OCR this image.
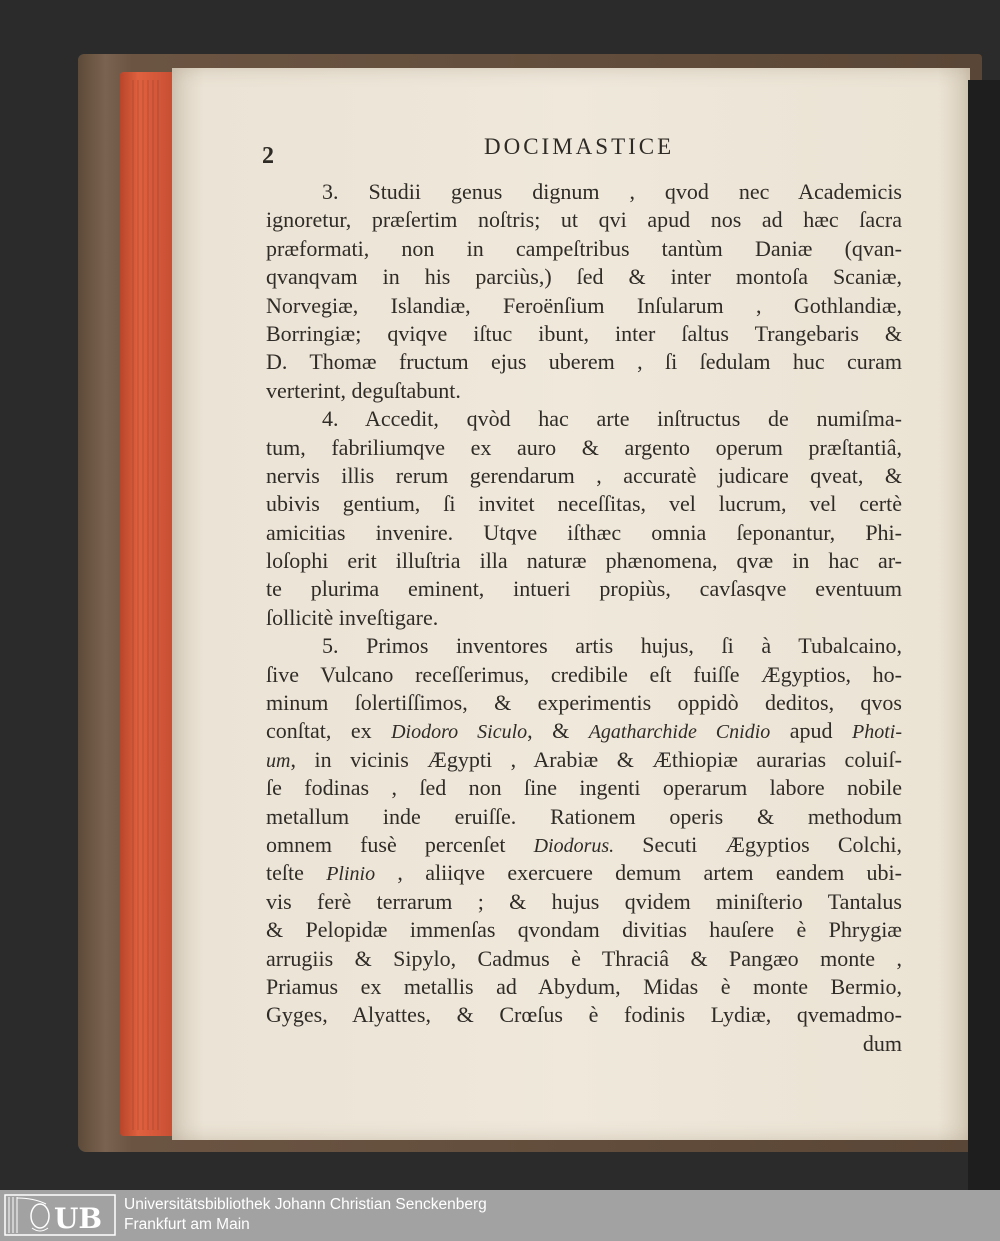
2	DOCIMASTICE
3. Studii genus dignum , qvod nec Academicis
ignoretur, præſertim noſtris; ut qvi apud nos ad hæc ſacra
præformati, non in campeſtribus tantùm Daniæ (qvan-
qvanqvam in his parciùs,) ſed & inter montoſa Scaniæ,
Norvegiæ, Islandiæ, Feroënſium Inſularum , Gothlandiæ,
Borringiæ; qviqve iſtuc ibunt, inter ſaltus Trangebaris &
D. Thomæ fructum ejus uberem , ſi ſedulam huc curam
verterint, deguſtabunt.
4. Accedit, qvòd hac arte inſtructus de numiſma-
tum, fabriliumqve ex auro & argento operum præſtantiâ,
nervis illis rerum gerendarum , accuratè judicare qveat, &
ubivis gentium, ſi invitet neceſſitas, vel lucrum, vel certè
amicitias invenire. Utqve iſthæc omnia ſeponantur, Phi-
loſophi erit illuſtria illa naturæ phænomena, qvæ in hac ar-
te plurima eminent, intueri propiùs, cavſasqve eventuum
ſollicitè inveſtigare.
5. Primos inventores artis hujus, ſi à Tubalcaino,
ſive Vulcano receſſerimus, credibile eſt fuiſſe Ægyptios, ho-
minum ſolertiſſimos, & experimentis oppidò deditos, qvos
conſtat, ex Diodoro Siculo, & Agatharchide Cnidio apud Photi-
um, in vicinis Ægypti , Arabiæ & Æthiopiæ aurarias coluiſ-
ſe fodinas , ſed non ſine ingenti operarum labore nobile
metallum inde eruiſſe. Rationem operis & methodum
omnem fusè percenſet Diodorus. Secuti Ægyptios Colchi,
teſte Plinio , aliiqve exercuere demum artem eandem ubi-
vis ferè terrarum ; & hujus qvidem miniſterio Tantalus
& Pelopidæ immenſas qvondam divitias hauſere è Phrygiæ
arrugiis & Sipylo, Cadmus è Thraciâ & Pangæo monte ,
Priamus ex metallis ad Abydum, Midas è monte Bermio,
Gyges, Alyattes, & Crœſus è fodinis Lydiæ, qvemadmo-
dum
UB Universitätsbibliothek Johann Christian Senckenberg
Frankfurt am Main
